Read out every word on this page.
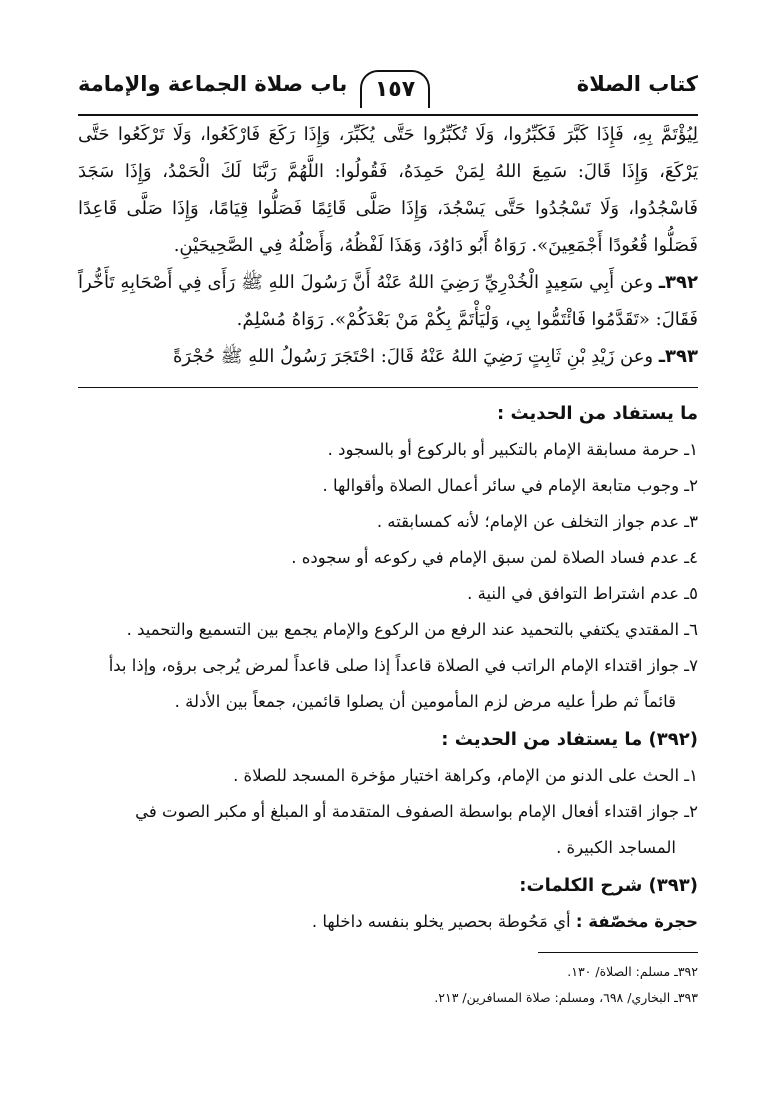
كتاب الصلاة
١٥٧
باب صلاة الجماعة والإمامة

لِيُؤْتَمَّ بِهِ، فَإِذَا كَبَّرَ فَكَبِّرُوا، وَلَا تُكَبِّرُوا حَتَّى يُكَبِّرَ، وَإِذَا رَكَعَ فَارْكَعُوا، وَلَا تَرْكَعُوا حَتَّى يَرْكَعَ، وَإِذَا قَالَ: سَمِعَ اللهُ لِمَنْ حَمِدَهُ، فَقُولُوا: اللَّهُمَّ رَبَّنَا لَكَ الْحَمْدُ، وَإِذَا سَجَدَ فَاسْجُدُوا، وَلَا تَسْجُدُوا حَتَّى يَسْجُدَ، وَإِذَا صَلَّى قَائِمًا فَصَلُّوا قِيَامًا، وَإِذَا صَلَّى قَاعِدًا فَصَلُّوا قُعُودًا أَجْمَعِينَ». رَوَاهُ أَبُو دَاوُدَ، وَهَذَا لَفْظُهُ، وَأَصْلُهُ فِي الصَّحِيحَيْنِ.

٣٩٢ـ وعن أَبِي سَعِيدٍ الْخُدْرِيِّ رَضِيَ اللهُ عَنْهُ أَنَّ رَسُولَ اللهِ ﷺ رَأَى فِي أَصْحَابِهِ تَأَخُّراً فَقَالَ: «تَقَدَّمُوا فَائْتَمُّوا بِي، وَلْيَأْتَمَّ بِكُمْ مَنْ بَعْدَكُمْ». رَوَاهُ مُسْلِمٌ.

٣٩٣ـ وعن زَيْدِ بْنِ ثَابِتٍ رَضِيَ اللهُ عَنْهُ قَالَ: احْتَجَرَ رَسُولُ اللهِ ﷺ حُجْرَةً

ما يستفاد من الحديث :

١ـ حرمة مسابقة الإمام بالتكبير أو بالركوع أو بالسجود .

٢ـ وجوب متابعة الإمام في سائر أعمال الصلاة وأقوالها .

٣ـ عدم جواز التخلف عن الإمام؛ لأنه كمسابقته .

٤ـ عدم فساد الصلاة لمن سبق الإمام في ركوعه أو سجوده .

٥ـ عدم اشتراط التوافق في النية .

٦ـ المقتدي يكتفي بالتحميد عند الرفع من الركوع والإمام يجمع بين التسميع والتحميد .

٧ـ جواز اقتداء الإمام الراتب في الصلاة قاعداً إذا صلى قاعداً لمرض يُرجى برؤه، وإذا بدأ قائماً ثم طرأ عليه مرض لزم المأمومين أن يصلوا قائمين، جمعاً بين الأدلة .

(٣٩٢) ما يستفاد من الحديث :

١ـ الحث على الدنو من الإمام، وكراهة اختيار مؤخرة المسجد للصلاة .

٢ـ جواز اقتداء أفعال الإمام بواسطة الصفوف المتقدمة أو المبلغ أو مكبر الصوت في المساجد الكبيرة .

(٣٩٣) شرح الكلمات:

حجرة مخصّفة : أي مَحُوطة بحصير يخلو بنفسه داخلها .

٣٩٢ـ مسلم: الصلاة/ ١٣٠.

٣٩٣ـ البخاري/ ٦٩٨، ومسلم: صلاة المسافرين/ ٢١٣.
